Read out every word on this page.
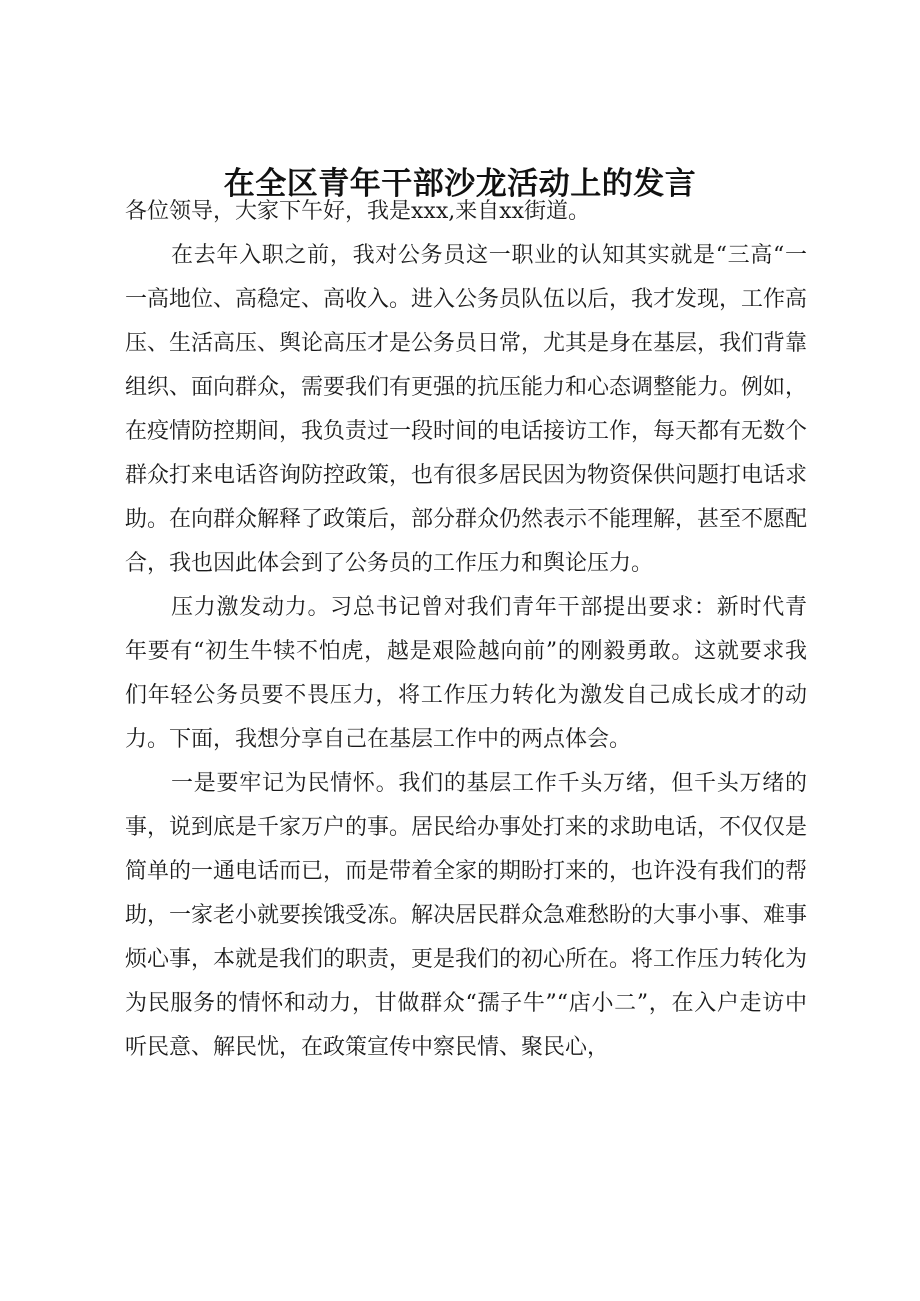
在全区青年干部沙龙活动上的发言

各位领导，大家下午好，我是xxx,来自xx街道。

在去年入职之前，我对公务员这一职业的认知其实就是“三高“一一高地位、高稳定、高收入。进入公务员队伍以后，我才发现，工作高压、生活高压、舆论高压才是公务员日常，尤其是身在基层，我们背靠组织、面向群众，需要我们有更强的抗压能力和心态调整能力。例如，在疫情防控期间，我负责过一段时间的电话接访工作，每天都有无数个群众打来电话咨询防控政策，也有很多居民因为物资保供问题打电话求助。在向群众解释了政策后，部分群众仍然表示不能理解，甚至不愿配合，我也因此体会到了公务员的工作压力和舆论压力。

压力激发动力。习总书记曾对我们青年干部提出要求：新时代青年要有“初生牛犊不怕虎，越是艰险越向前”的刚毅勇敢。这就要求我们年轻公务员要不畏压力，将工作压力转化为激发自己成长成才的动力。下面，我想分享自己在基层工作中的两点体会。

一是要牢记为民情怀。我们的基层工作千头万绪，但千头万绪的事，说到底是千家万户的事。居民给办事处打来的求助电话，不仅仅是简单的一通电话而已，而是带着全家的期盼打来的，也许没有我们的帮助，一家老小就要挨饿受冻。解决居民群众急难愁盼的大事小事、难事烦心事，本就是我们的职责，更是我们的初心所在。将工作压力转化为为民服务的情怀和动力，甘做群众“孺子牛”“店小二”，在入户走访中听民意、解民忧，在政策宣传中察民情、聚民心，
